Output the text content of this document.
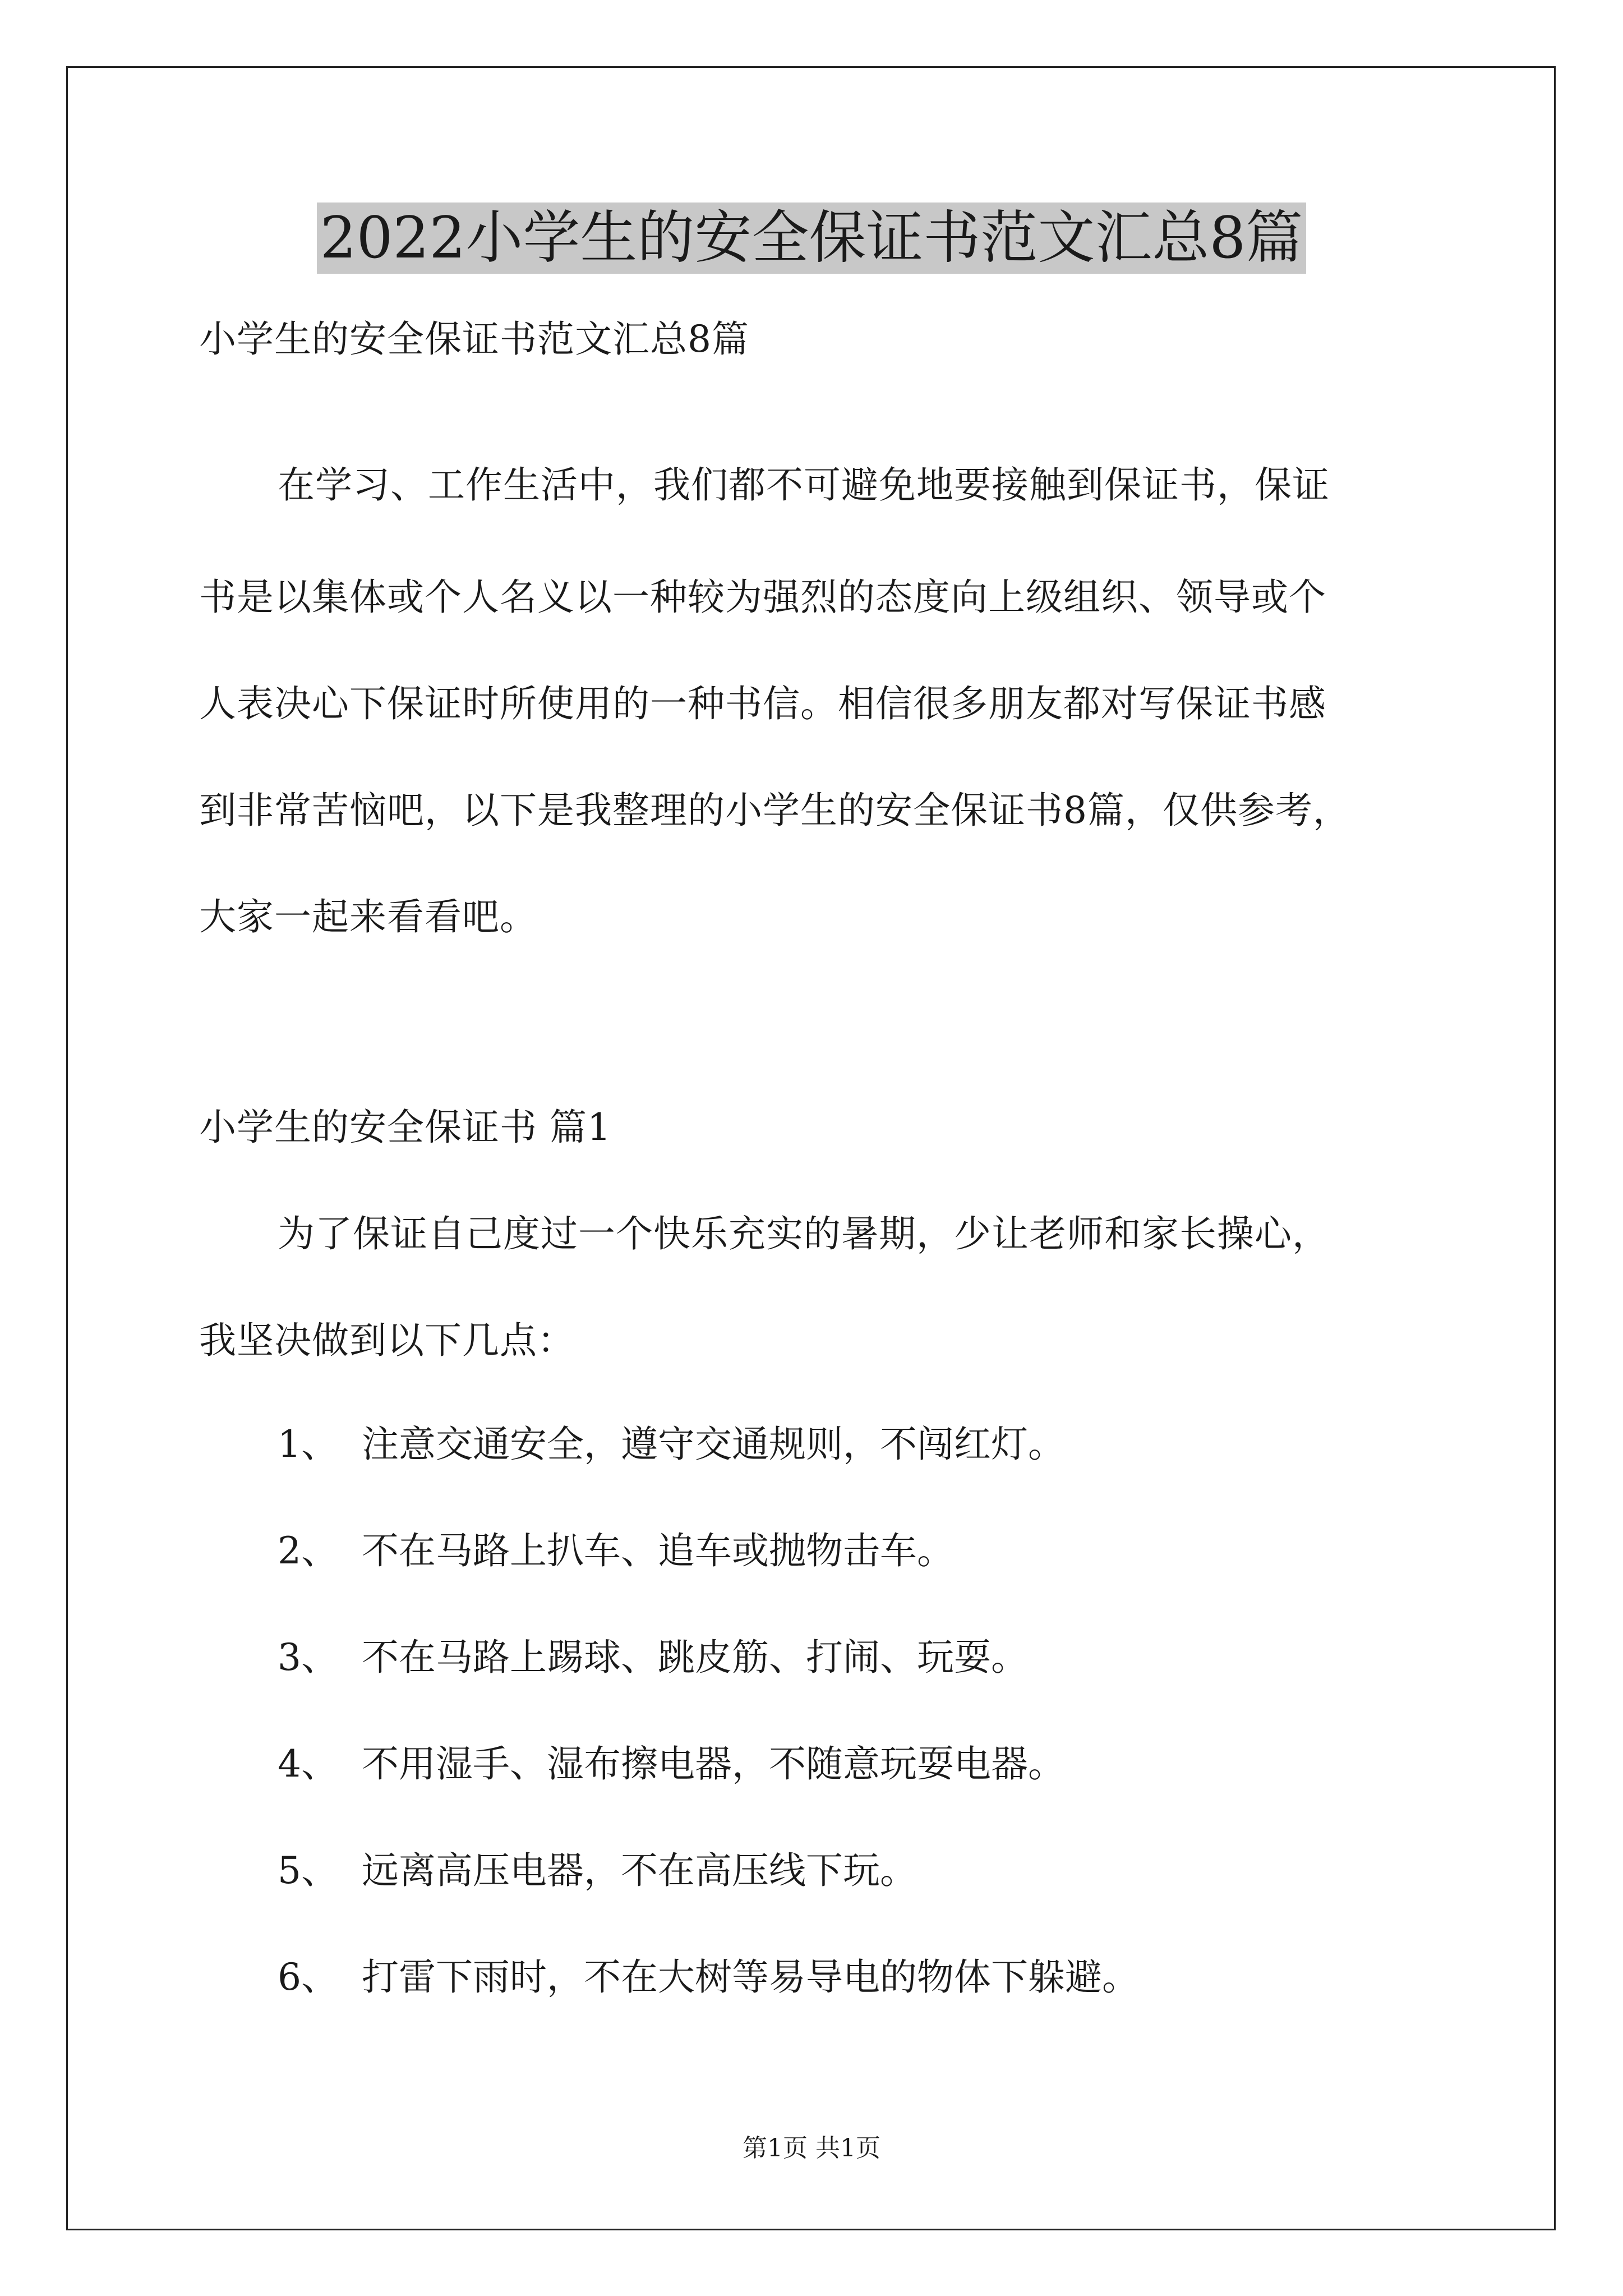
2022小学生的安全保证书范文汇总8篇

小学生的安全保证书范文汇总8篇

在学习、工作生活中，我们都不可避免地要接触到保证书，保证

书是以集体或个人名义以一种较为强烈的态度向上级组织、领导或个

人表决心下保证时所使用的一种书信。相信很多朋友都对写保证书感

到非常苦恼吧，以下是我整理的小学生的安全保证书8篇，仅供参考，

大家一起来看看吧。

小学生的安全保证书 篇1

为了保证自己度过一个快乐充实的暑期，少让老师和家长操心，

我坚决做到以下几点：

1、 注意交通安全，遵守交通规则，不闯红灯。

2、 不在马路上扒车、追车或抛物击车。

3、 不在马路上踢球、跳皮筋、打闹、玩耍。

4、 不用湿手、湿布擦电器，不随意玩耍电器。

5、 远离高压电器，不在高压线下玩。

6、 打雷下雨时，不在大树等易导电的物体下躲避。

第1页 共1页
